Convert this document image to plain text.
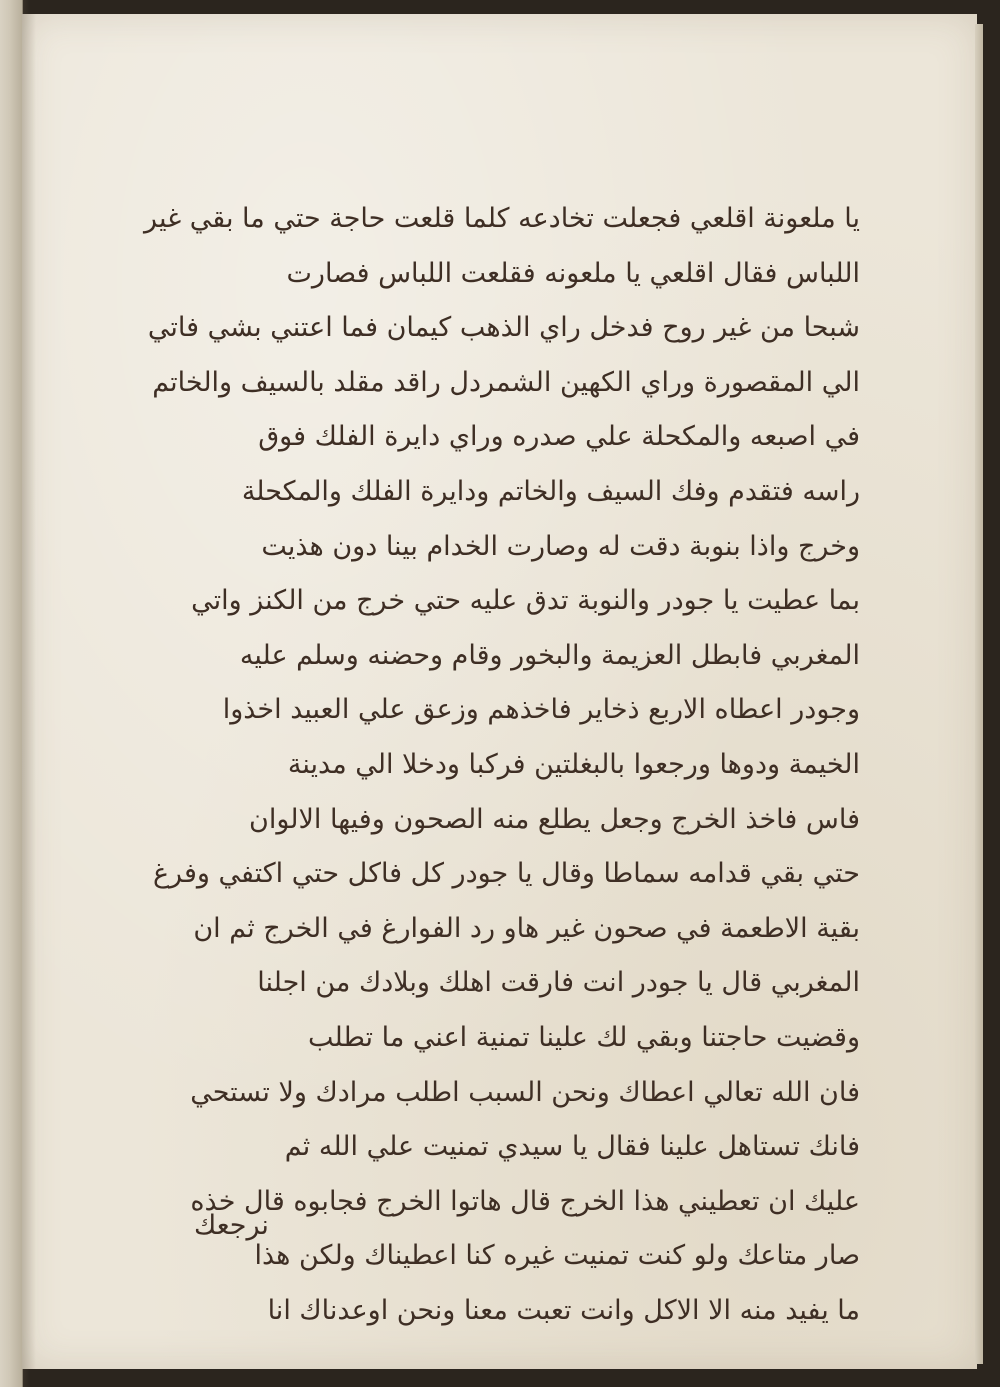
يا ملعونة اقلعي فجعلت تخادعه كلما قلعت حاجة حتي ما بقي غير
اللباس فقال اقلعي يا ملعونه فقلعت اللباس فصارت
شبحا من غير روح فدخل راي الذهب كيمان فما اعتني بشي فاتي
الي المقصورة وراي الكهين الشمردل راقد مقلد بالسيف والخاتم
في اصبعه والمكحلة علي صدره وراي دايرة الفلك فوق
راسه فتقدم وفك السيف والخاتم ودايرة الفلك والمكحلة
وخرج واذا بنوبة دقت له وصارت الخدام بينا دون هذيت
بما عطيت يا جودر والنوبة تدق عليه حتي خرج من الكنز واتي
المغربي فابطل العزيمة والبخور وقام وحضنه وسلم عليه
وجودر اعطاه الاربع ذخاير فاخذهم وزعق علي العبيد اخذوا
الخيمة ودوها ورجعوا بالبغلتين فركبا ودخلا الي مدينة
فاس فاخذ الخرج وجعل يطلع منه الصحون وفيها الالوان
حتي بقي قدامه سماطا وقال يا جودر كل فاكل حتي اكتفي وفرغ
بقية الاطعمة في صحون غير هاو رد الفوارغ في الخرج ثم ان
المغربي قال يا جودر انت فارقت اهلك وبلادك من اجلنا
وقضيت حاجتنا وبقي لك علينا تمنية اعني ما تطلب
فان الله تعالي اعطاك ونحن السبب اطلب مرادك ولا تستحي
فانك تستاهل علينا فقال يا سيدي تمنيت علي الله ثم
عليك ان تعطيني هذا الخرج قال هاتوا الخرج فجابوه قال خذه
صار متاعك ولو كنت تمنيت غيره كنا اعطيناك ولكن هذا
ما يفيد منه الا الاكل وانت تعبت معنا ونحن اوعدناك انا
نرجعك
